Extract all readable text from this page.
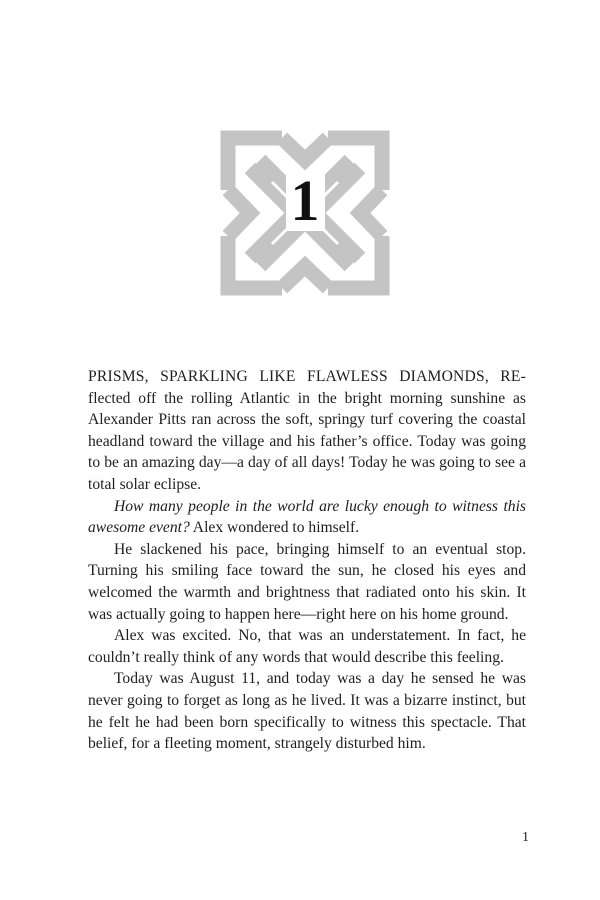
1

PRISMS, SPARKLING LIKE FLAWLESS DIAMONDS, RE-flected off the rolling Atlantic in the bright morning sunshine as Alexander Pitts ran across the soft, springy turf covering the coastal headland toward the village and his father’s office. Today was going to be an amazing day—a day of all days! Today he was going to see a total solar eclipse.

How many people in the world are lucky enough to witness this awesome event? Alex wondered to himself.

He slackened his pace, bringing himself to an eventual stop. Turning his smiling face toward the sun, he closed his eyes and welcomed the warmth and brightness that radiated onto his skin. It was actually going to happen here—right here on his home ground.

Alex was excited. No, that was an understatement. In fact, he couldn’t really think of any words that would describe this feeling.

Today was August 11, and today was a day he sensed he was never going to forget as long as he lived. It was a bizarre instinct, but he felt he had been born specifically to witness this spectacle. That belief, for a fleeting moment, strangely disturbed him.

1
